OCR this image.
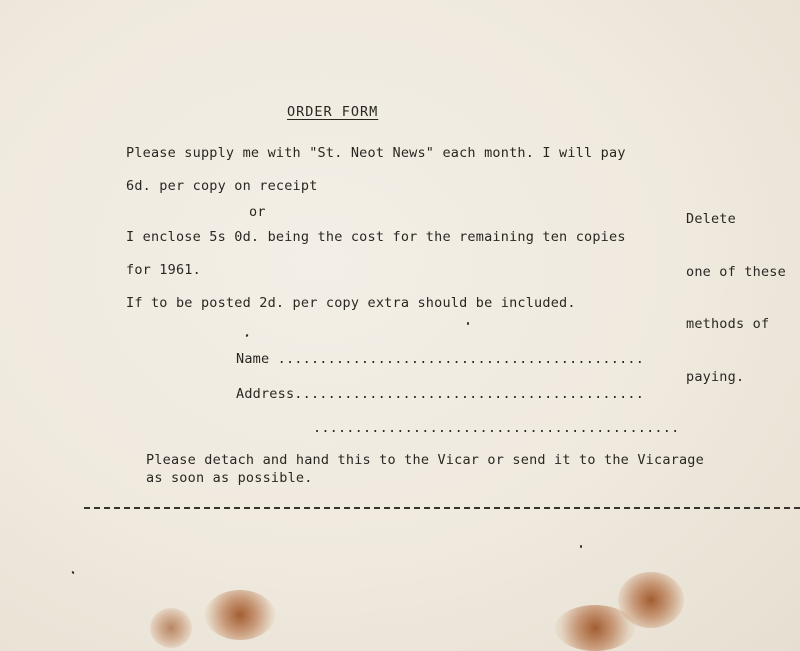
ORDER FORM
Please supply me with "St. Neot News" each month. I will pay
6d. per copy on receipt
or
I enclose 5s 0d. being the cost for the remaining ten copies
for 1961.
If to be posted 2d. per copy extra should be included.

Delete

one of these

methods of

paying.

Name ............................................
Address..........................................
............................................
Please detach and hand this to the Vicar or send it to the Vicarage
as soon as possible.
